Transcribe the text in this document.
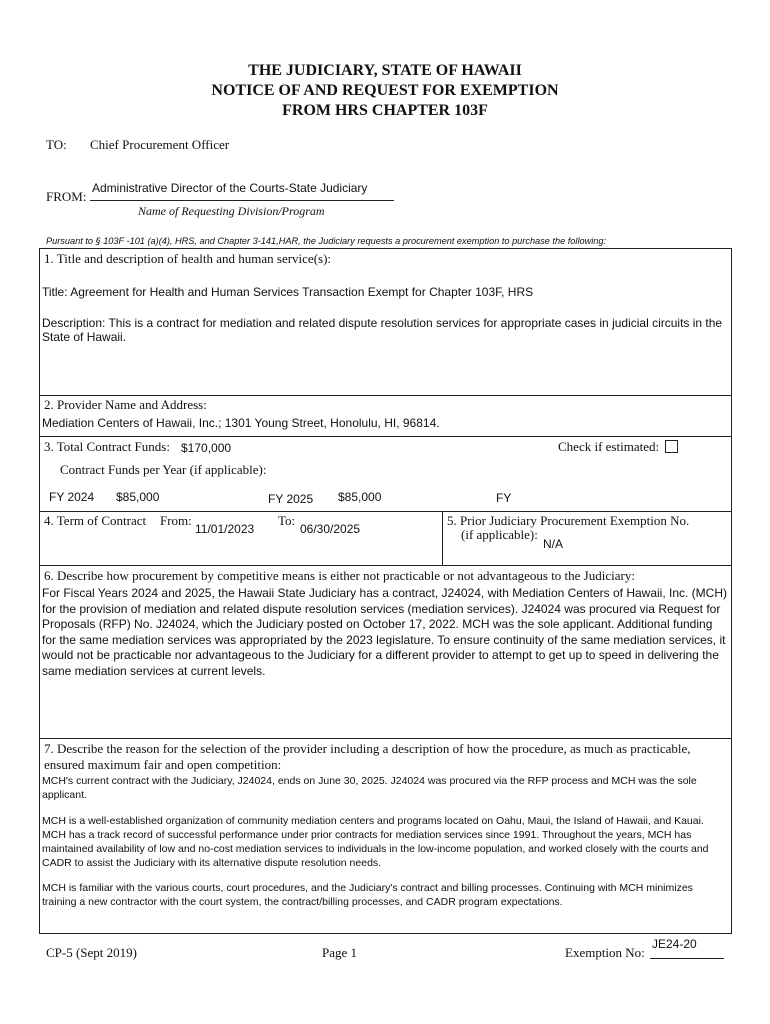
THE JUDICIARY, STATE OF HAWAII
NOTICE OF AND REQUEST FOR EXEMPTION
FROM HRS CHAPTER 103F
TO: Chief Procurement Officer
FROM:
Administrative Director of the Courts-State Judiciary
Name of Requesting Division/Program
Pursuant to § 103F -101 (a)(4), HRS, and Chapter 3-141,HAR, the Judiciary requests a procurement exemption to purchase the following:
1. Title and description of health and human service(s):
Title: Agreement for Health and Human Services Transaction Exempt for Chapter 103F, HRS
Description: This is a contract for mediation and related dispute resolution services for appropriate cases in judicial circuits in the State of Hawaii.
2. Provider Name and Address:
Mediation Centers of Hawaii, Inc.; 1301 Young Street, Honolulu, HI, 96814.
3. Total Contract Funds: $170,000	Check if estimated:
Contract Funds per Year (if applicable):
FY 2024 $85,000	FY 2025 $85,000	FY
4. Term of Contract From:
11/01/2023
To:
06/30/2025
5. Prior Judiciary Procurement Exemption No.
(if applicable):
N/A
6. Describe how procurement by competitive means is either not practicable or not advantageous to the Judiciary:
For Fiscal Years 2024 and 2025, the Hawaii State Judiciary has a contract, J24024, with Mediation Centers of Hawaii, Inc. (MCH) for the provision of mediation and related dispute resolution services (mediation services). J24024 was procured via Request for Proposals (RFP) No. J24024, which the Judiciary posted on October 17, 2022. MCH was the sole applicant. Additional funding for the same mediation services was appropriated by the 2023 legislature. To ensure continuity of the same mediation services, it would not be practicable nor advantageous to the Judiciary for a different provider to attempt to get up to speed in delivering the same mediation services at current levels.
7. Describe the reason for the selection of the provider including a description of how the procedure, as much as practicable, ensured maximum fair and open competition:
MCH's current contract with the Judiciary, J24024, ends on June 30, 2025. J24024 was procured via the RFP process and MCH was the sole applicant.
MCH is a well-established organization of community mediation centers and programs located on Oahu, Maui, the Island of Hawaii, and Kauai. MCH has a track record of successful performance under prior contracts for mediation services since 1991. Throughout the years, MCH has maintained availability of low and no-cost mediation services to individuals in the low-income population, and worked closely with the courts and CADR to assist the Judiciary with its alternative dispute resolution needs.
MCH is familiar with the various courts, court procedures, and the Judiciary's contract and billing processes. Continuing with MCH minimizes training a new contractor with the court system, the contract/billing processes, and CADR program expectations.
CP-5 (Sept 2019)	Page 1	Exemption No:
JE24-20
